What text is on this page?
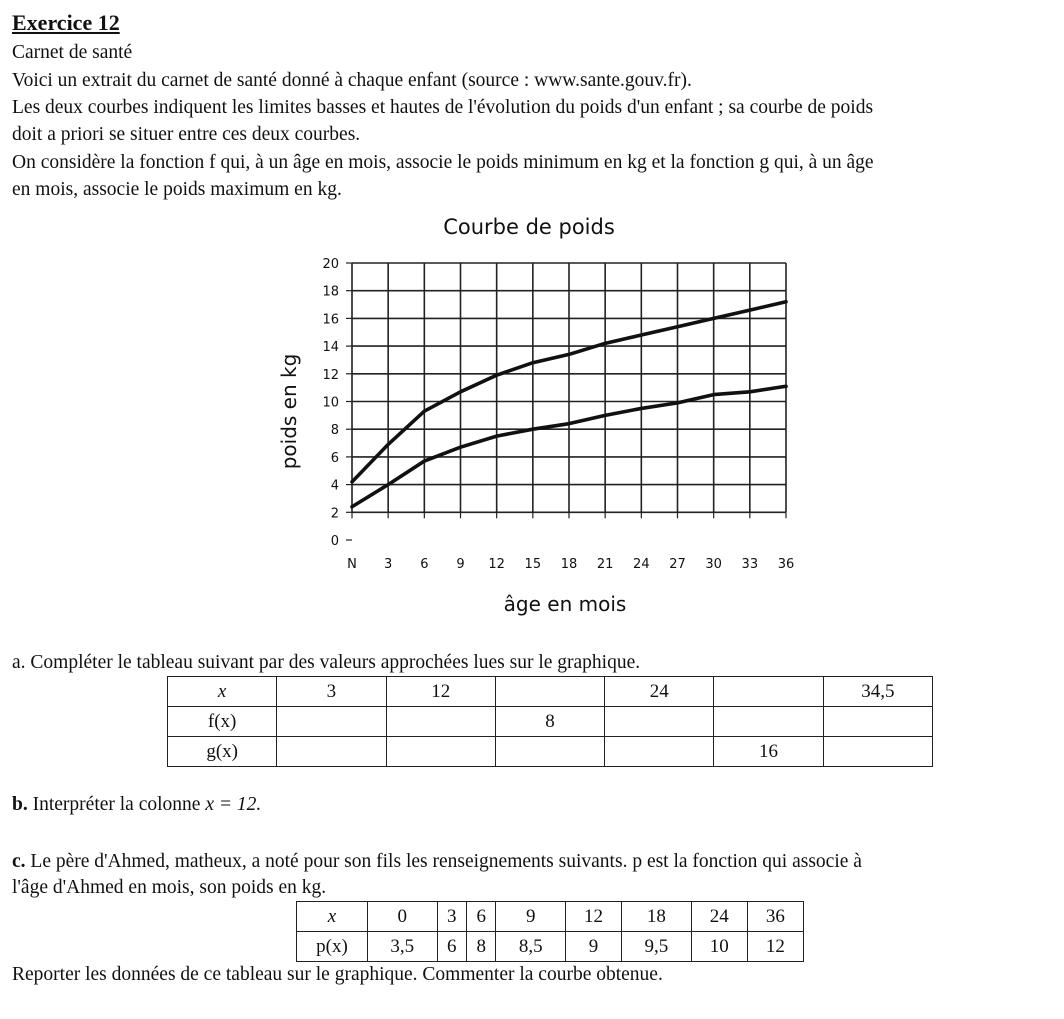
Exercice 12
Carnet de santé
Voici un extrait du carnet de santé donné à chaque enfant (source : www.sante.gouv.fr).
Les deux courbes indiquent les limites basses et hautes de l'évolution du poids d'un enfant ; sa courbe de poids
doit a priori se situer entre ces deux courbes.
On considère la fonction f qui, à un âge en mois, associe le poids minimum en kg et la fonction g qui, à un âge
en mois, associe le poids maximum en kg.
Courbe de poids
0
2
4
6
8
10
12
14
16
18
20
N 3 6 9 12 15 18 21 24 27 30 33 36
âge en mois
poids en kg
a. Compléter le tableau suivant par des valeurs approchées lues sur le graphique.
x	3	12		24		34,5
f(x)			8			
g(x)					16	
b. Interpréter la colonne x = 12.
c. Le père d'Ahmed, matheux, a noté pour son fils les renseignements suivants. p est la fonction qui associe à
l'âge d'Ahmed en mois, son poids en kg.
x	0	3	6	9	12	18	24	36
p(x)	3,5	6	8	8,5	9	9,5	10	12
Reporter les données de ce tableau sur le graphique. Commenter la courbe obtenue.
